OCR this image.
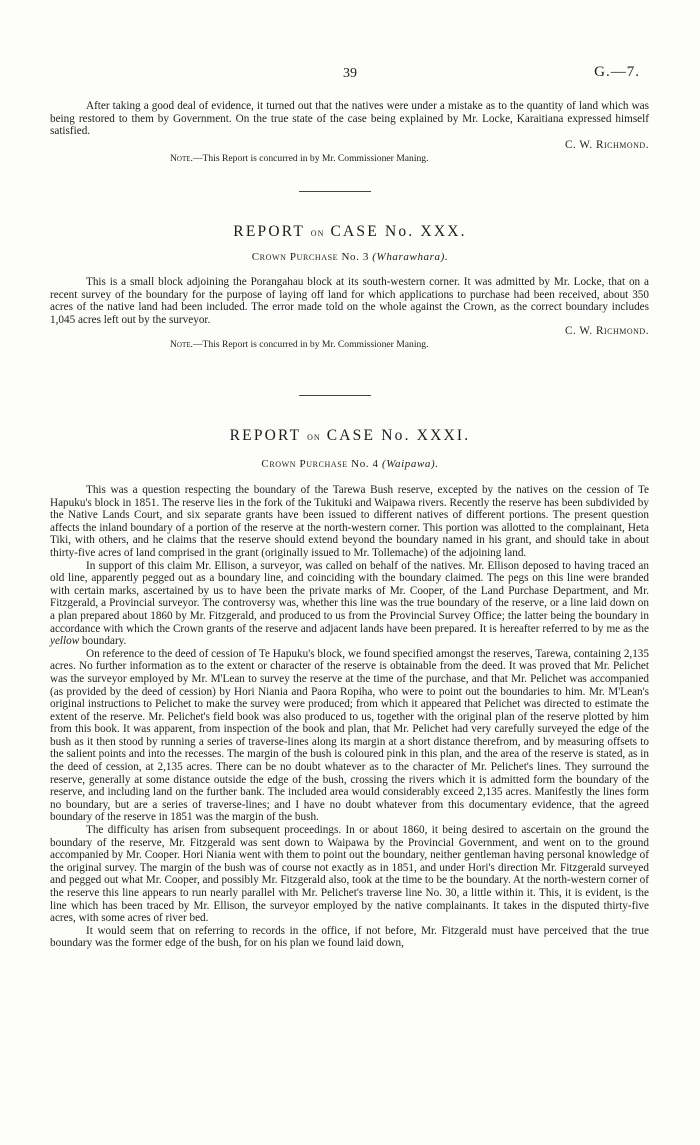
39	G.—7.

After taking a good deal of evidence, it turned out that the natives were under a mistake as to the quantity of land which was being restored to them by Government. On the true state of the case being explained by Mr. Locke, Karaitiana expressed himself satisfied.

C. W. Richmond.

Note.—This Report is concurred in by Mr. Commissioner Maning.

REPORT on CASE No. XXX.
Crown Purchase No. 3 (Wharawhara).

This is a small block adjoining the Porangahau block at its south-western corner. It was admitted by Mr. Locke, that on a recent survey of the boundary for the purpose of laying off land for which applications to purchase had been received, about 350 acres of the native land had been included. The error made told on the whole against the Crown, as the correct boundary includes 1,045 acres left out by the surveyor.

C. W. Richmond.

Note.—This Report is concurred in by Mr. Commissioner Maning.

REPORT on CASE No. XXXI.
Crown Purchase No. 4 (Waipawa).

This was a question respecting the boundary of the Tarewa Bush reserve, excepted by the natives on the cession of Te Hapuku's block in 1851. The reserve lies in the fork of the Tukituki and Waipawa rivers. Recently the reserve has been subdivided by the Native Lands Court, and six separate grants have been issued to different natives of different portions. The present question affects the inland boundary of a portion of the reserve at the north-western corner. This portion was allotted to the complainant, Heta Tiki, with others, and he claims that the reserve should extend beyond the boundary named in his grant, and should take in about thirty-five acres of land comprised in the grant (originally issued to Mr. Tollemache) of the adjoining land.

In support of this claim Mr. Ellison, a surveyor, was called on behalf of the natives. Mr. Ellison deposed to having traced an old line, apparently pegged out as a boundary line, and coinciding with the boundary claimed. The pegs on this line were branded with certain marks, ascertained by us to have been the private marks of Mr. Cooper, of the Land Purchase Department, and Mr. Fitzgerald, a Provincial surveyor. The controversy was, whether this line was the true boundary of the reserve, or a line laid down on a plan prepared about 1860 by Mr. Fitzgerald, and produced to us from the Provincial Survey Office; the latter being the boundary in accordance with which the Crown grants of the reserve and adjacent lands have been prepared. It is hereafter referred to by me as the yellow boundary.

On reference to the deed of cession of Te Hapuku's block, we found specified amongst the reserves, Tarewa, containing 2,135 acres. No further information as to the extent or character of the reserve is obtainable from the deed. It was proved that Mr. Pelichet was the surveyor employed by Mr. M'Lean to survey the reserve at the time of the purchase, and that Mr. Pelichet was accompanied (as provided by the deed of cession) by Hori Niania and Paora Ropiha, who were to point out the boundaries to him. Mr. M'Lean's original instructions to Pelichet to make the survey were produced; from which it appeared that Pelichet was directed to estimate the extent of the reserve. Mr. Pelichet's field book was also produced to us, together with the original plan of the reserve plotted by him from this book. It was apparent, from inspection of the book and plan, that Mr. Pelichet had very carefully surveyed the edge of the bush as it then stood by running a series of traverse-lines along its margin at a short distance therefrom, and by measuring offsets to the salient points and into the recesses. The margin of the bush is coloured pink in this plan, and the area of the reserve is stated, as in the deed of cession, at 2,135 acres. There can be no doubt whatever as to the character of Mr. Pelichet's lines. They surround the reserve, generally at some distance outside the edge of the bush, crossing the rivers which it is admitted form the boundary of the reserve, and including land on the further bank. The included area would considerably exceed 2,135 acres. Manifestly the lines form no boundary, but are a series of traverse-lines; and I have no doubt whatever from this documentary evidence, that the agreed boundary of the reserve in 1851 was the margin of the bush.

The difficulty has arisen from subsequent proceedings. In or about 1860, it being desired to ascertain on the ground the boundary of the reserve, Mr. Fitzgerald was sent down to Waipawa by the Provincial Government, and went on to the ground accompanied by Mr. Cooper. Hori Niania went with them to point out the boundary, neither gentleman having personal knowledge of the original survey. The margin of the bush was of course not exactly as in 1851, and under Hori's direction Mr. Fitzgerald surveyed and pegged out what Mr. Cooper, and possibly Mr. Fitzgerald also, took at the time to be the boundary. At the north-western corner of the reserve this line appears to run nearly parallel with Mr. Pelichet's traverse line No. 30, a little within it. This, it is evident, is the line which has been traced by Mr. Ellison, the surveyor employed by the native complainants. It takes in the disputed thirty-five acres, with some acres of river bed.

It would seem that on referring to records in the office, if not before, Mr. Fitzgerald must have perceived that the true boundary was the former edge of the bush, for on his plan we found laid down,
